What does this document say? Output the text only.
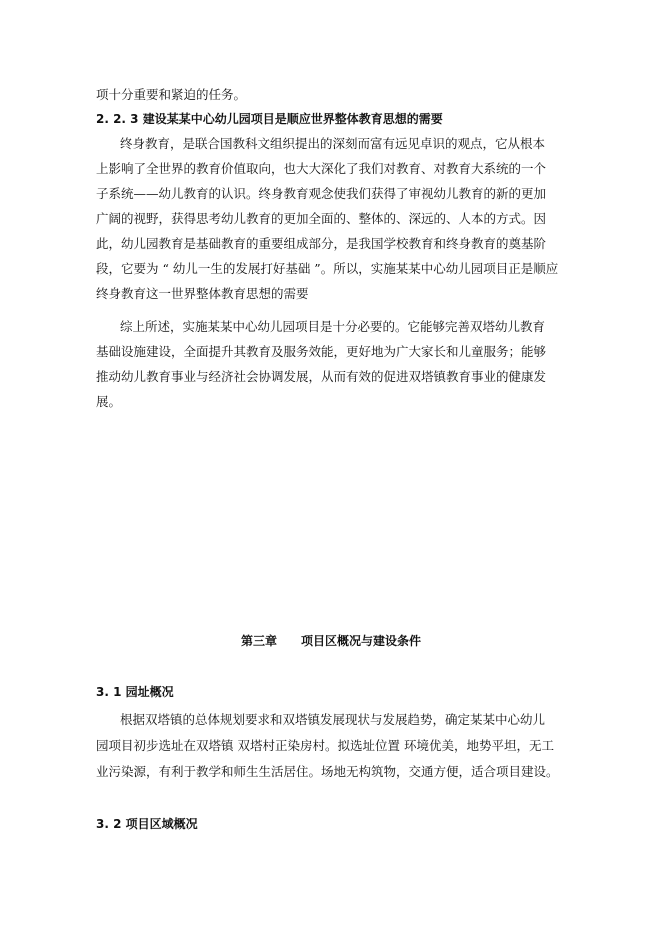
项十分重要和紧迫的任务。
2. 2. 3 建设某某中心幼儿园项目是顺应世界整体教育思想的需要
终身教育，是联合国教科文组织提出的深刻而富有远见卓识的观点，它从根本
上影响了全世界的教育价值取向，也大大深化了我们对教育、对教育大系统的一个
子系统——幼儿教育的认识。终身教育观念使我们获得了审视幼儿教育的新的更加
广阔的视野，获得思考幼儿教育的更加全面的、整体的、深远的、人本的方式。因
此，幼儿园教育是基础教育的重要组成部分，是我国学校教育和终身教育的奠基阶
段，它要为 “ 幼儿一生的发展打好基础 ”。所以，实施某某中心幼儿园项目正是顺应
终身教育这一世界整体教育思想的需要
综上所述，实施某某中心幼儿园项目是十分必要的。它能够完善双塔幼儿教育
基础设施建设，全面提升其教育及服务效能，更好地为广大家长和儿童服务；能够
推动幼儿教育事业与经济社会协调发展，从而有效的促进双塔镇教育事业的健康发
展。
第三章 项目区概况与建设条件
3. 1 园址概况
根据双塔镇的总体规划要求和双塔镇发展现状与发展趋势，确定某某中心幼儿
园项目初步选址在双塔镇 双塔村正染房村。拟选址位置 环境优美，地势平坦，无工
业污染源，有利于教学和师生生活居住。场地无构筑物，交通方便，适合项目建设。
3. 2 项目区域概况
